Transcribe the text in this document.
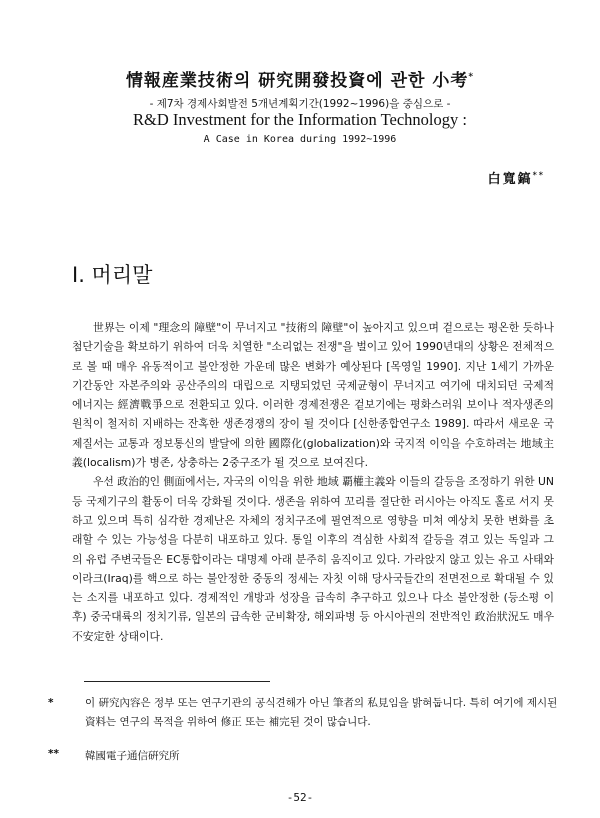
情報産業技術의 研究開發投資에 관한 小考*
- 제7차 경제사회발전 5개년계획기간(1992~1996)을 중심으로 -
R&D Investment for the Information Technology :
A Case in Korea during 1992~1996
白寬鎬**
I. 머리말

世界는 이제 "理念의 障壁"이 무너지고 "技術의 障壁"이 높아지고 있으며 겉으로는 평온한 듯하나 첨단기술을 확보하기 위하여 더욱 치열한 "소리없는 전쟁"을 벌이고 있어 1990년대의 상황은 전체적으로 볼 때 매우 유동적이고 불안정한 가운데 많은 변화가 예상된다 [목영일 1990]. 지난 1세기 가까운 기간동안 자본주의와 공산주의의 대립으로 지탱되었던 국제균형이 무너지고 여기에 대치되던 국제적 에너지는 經濟戰爭으로 전환되고 있다. 이러한 경제전쟁은 겉보기에는 평화스러워 보이나 적자생존의 원칙이 철저히 지배하는 잔혹한 생존경쟁의 장이 될 것이다 [신한종합연구소 1989]. 따라서 새로운 국제질서는 교통과 정보통신의 발달에 의한 國際化(globalization)와 국지적 이익을 수호하려는 地域主義(localism)가 병존, 상충하는 2중구조가 될 것으로 보여진다.

우선 政治的인 側面에서는, 자국의 이익을 위한 地域 覇權主義와 이들의 갈등을 조정하기 위한 UN 등 국제기구의 활동이 더욱 강화될 것이다. 생존을 위하여 꼬리를 절단한 러시아는 아직도 홀로 서지 못하고 있으며 특히 심각한 경제난은 자체의 정치구조에 필연적으로 영향을 미쳐 예상치 못한 변화를 초래할 수 있는 가능성을 다분히 내포하고 있다. 통일 이후의 격심한 사회적 갈등을 겪고 있는 독일과 그의 유럽 주변국들은 EC통합이라는 대명제 아래 분주히 움직이고 있다. 가라앉지 않고 있는 유고 사태와 이라크(Iraq)를 핵으로 하는 불안정한 중동의 정세는 자칫 이해 당사국들간의 전면전으로 확대될 수 있는 소지를 내포하고 있다. 경제적인 개방과 성장을 급속히 추구하고 있으나 다소 불안정한 (등소평 이후) 중국대륙의 정치기류, 일본의 급속한 군비확장, 해외파병 등 아시아권의 전반적인 政治狀況도 매우 不安定한 상태이다.

*	이 硏究內容은 정부 또는 연구기관의 공식견해가 아닌 筆者의 私見임을 밝혀둡니다. 특히 여기에 제시된 資料는 연구의 목적을 위하여 修正 또는 補完된 것이 많습니다.
**	韓國電子通信硏究所
-52-
